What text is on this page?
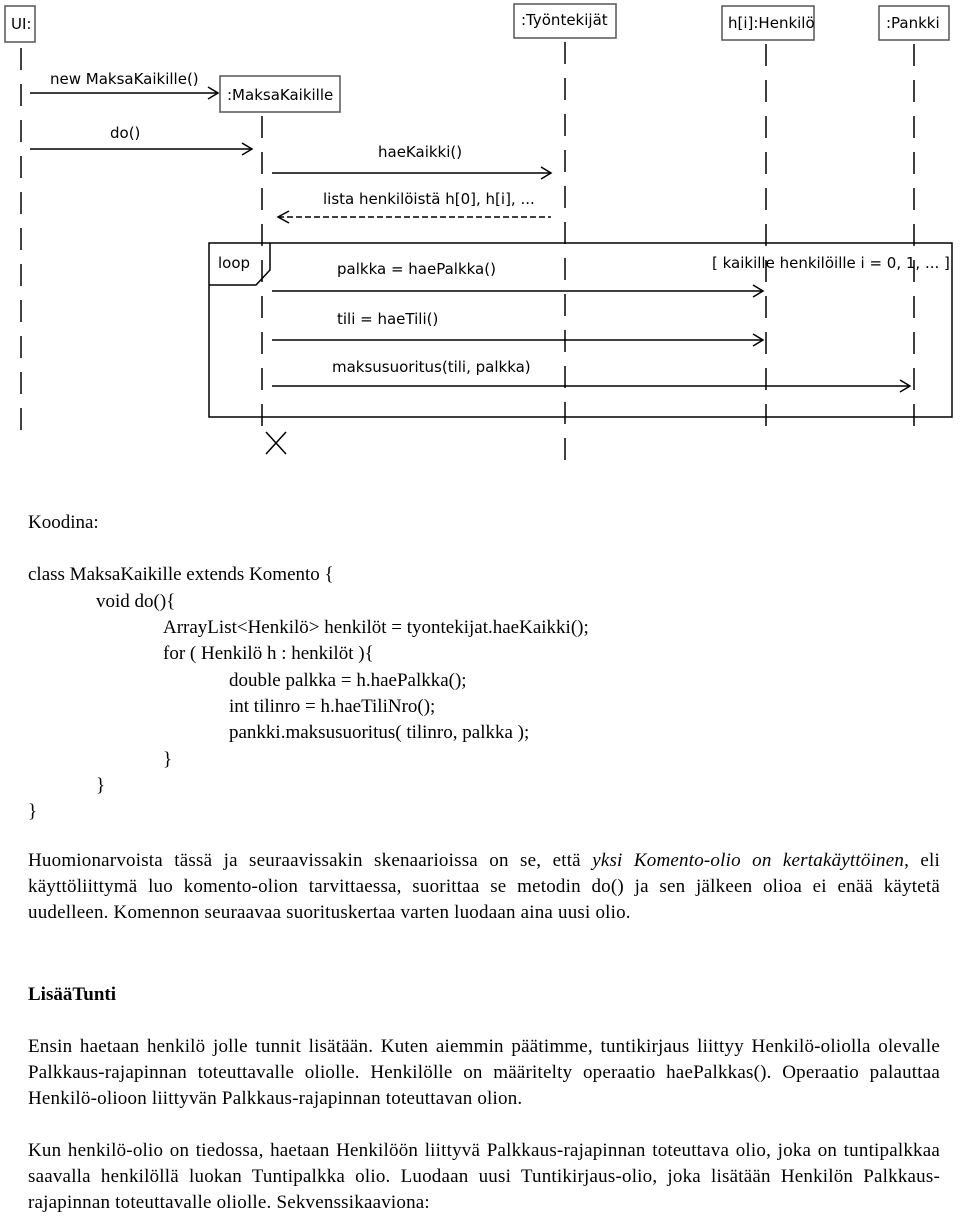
UI:	:Työntekijät	h[i]:Henkilö	:Pankki
:MaksaKaikille
new MaksaKaikille()
do()
haeKaikki()
lista henkilöistä h[0], h[i], ...
loop	[ kaikille henkilöille i = 0, 1, ... ]
palkka = haePalkka()
tili = haeTili()
maksusuoritus(tili, palkka)
Koodina:
class MaksaKaikille extends Komento {
void do(){
ArrayList<Henkilö> henkilöt = tyontekijat.haeKaikki();
for ( Henkilö h : henkilöt ){
double palkka = h.haePalkka();
int tilinro = h.haeTiliNro();
pankki.maksusuoritus( tilinro, palkka );
}
}
}
Huomionarvoista tässä ja seuraavissakin skenaarioissa on se, että yksi Komento-olio on kertakäyttöinen, eli käyttöliittymä luo komento-olion tarvittaessa, suorittaa se metodin do() ja sen jälkeen olioa ei enää käytetä uudelleen. Komennon seuraavaa suorituskertaa varten luodaan aina uusi olio.
LisääTunti
Ensin haetaan henkilö jolle tunnit lisätään. Kuten aiemmin päätimme, tuntikirjaus liittyy Henkilö-oliolla olevalle Palkkaus-rajapinnan toteuttavalle oliolle. Henkilölle on määritelty operaatio haePalkkas(). Operaatio palauttaa Henkilö-olioon liittyvän Palkkaus-rajapinnan toteuttavan olion.
Kun henkilö-olio on tiedossa, haetaan Henkilöön liittyvä Palkkaus-rajapinnan toteuttava olio, joka on tuntipalkkaa saavalla henkilöllä luokan Tuntipalkka olio. Luodaan uusi Tuntikirjaus-olio, joka lisätään Henkilön Palkkaus-rajapinnan toteuttavalle oliolle. Sekvenssikaaviona:
